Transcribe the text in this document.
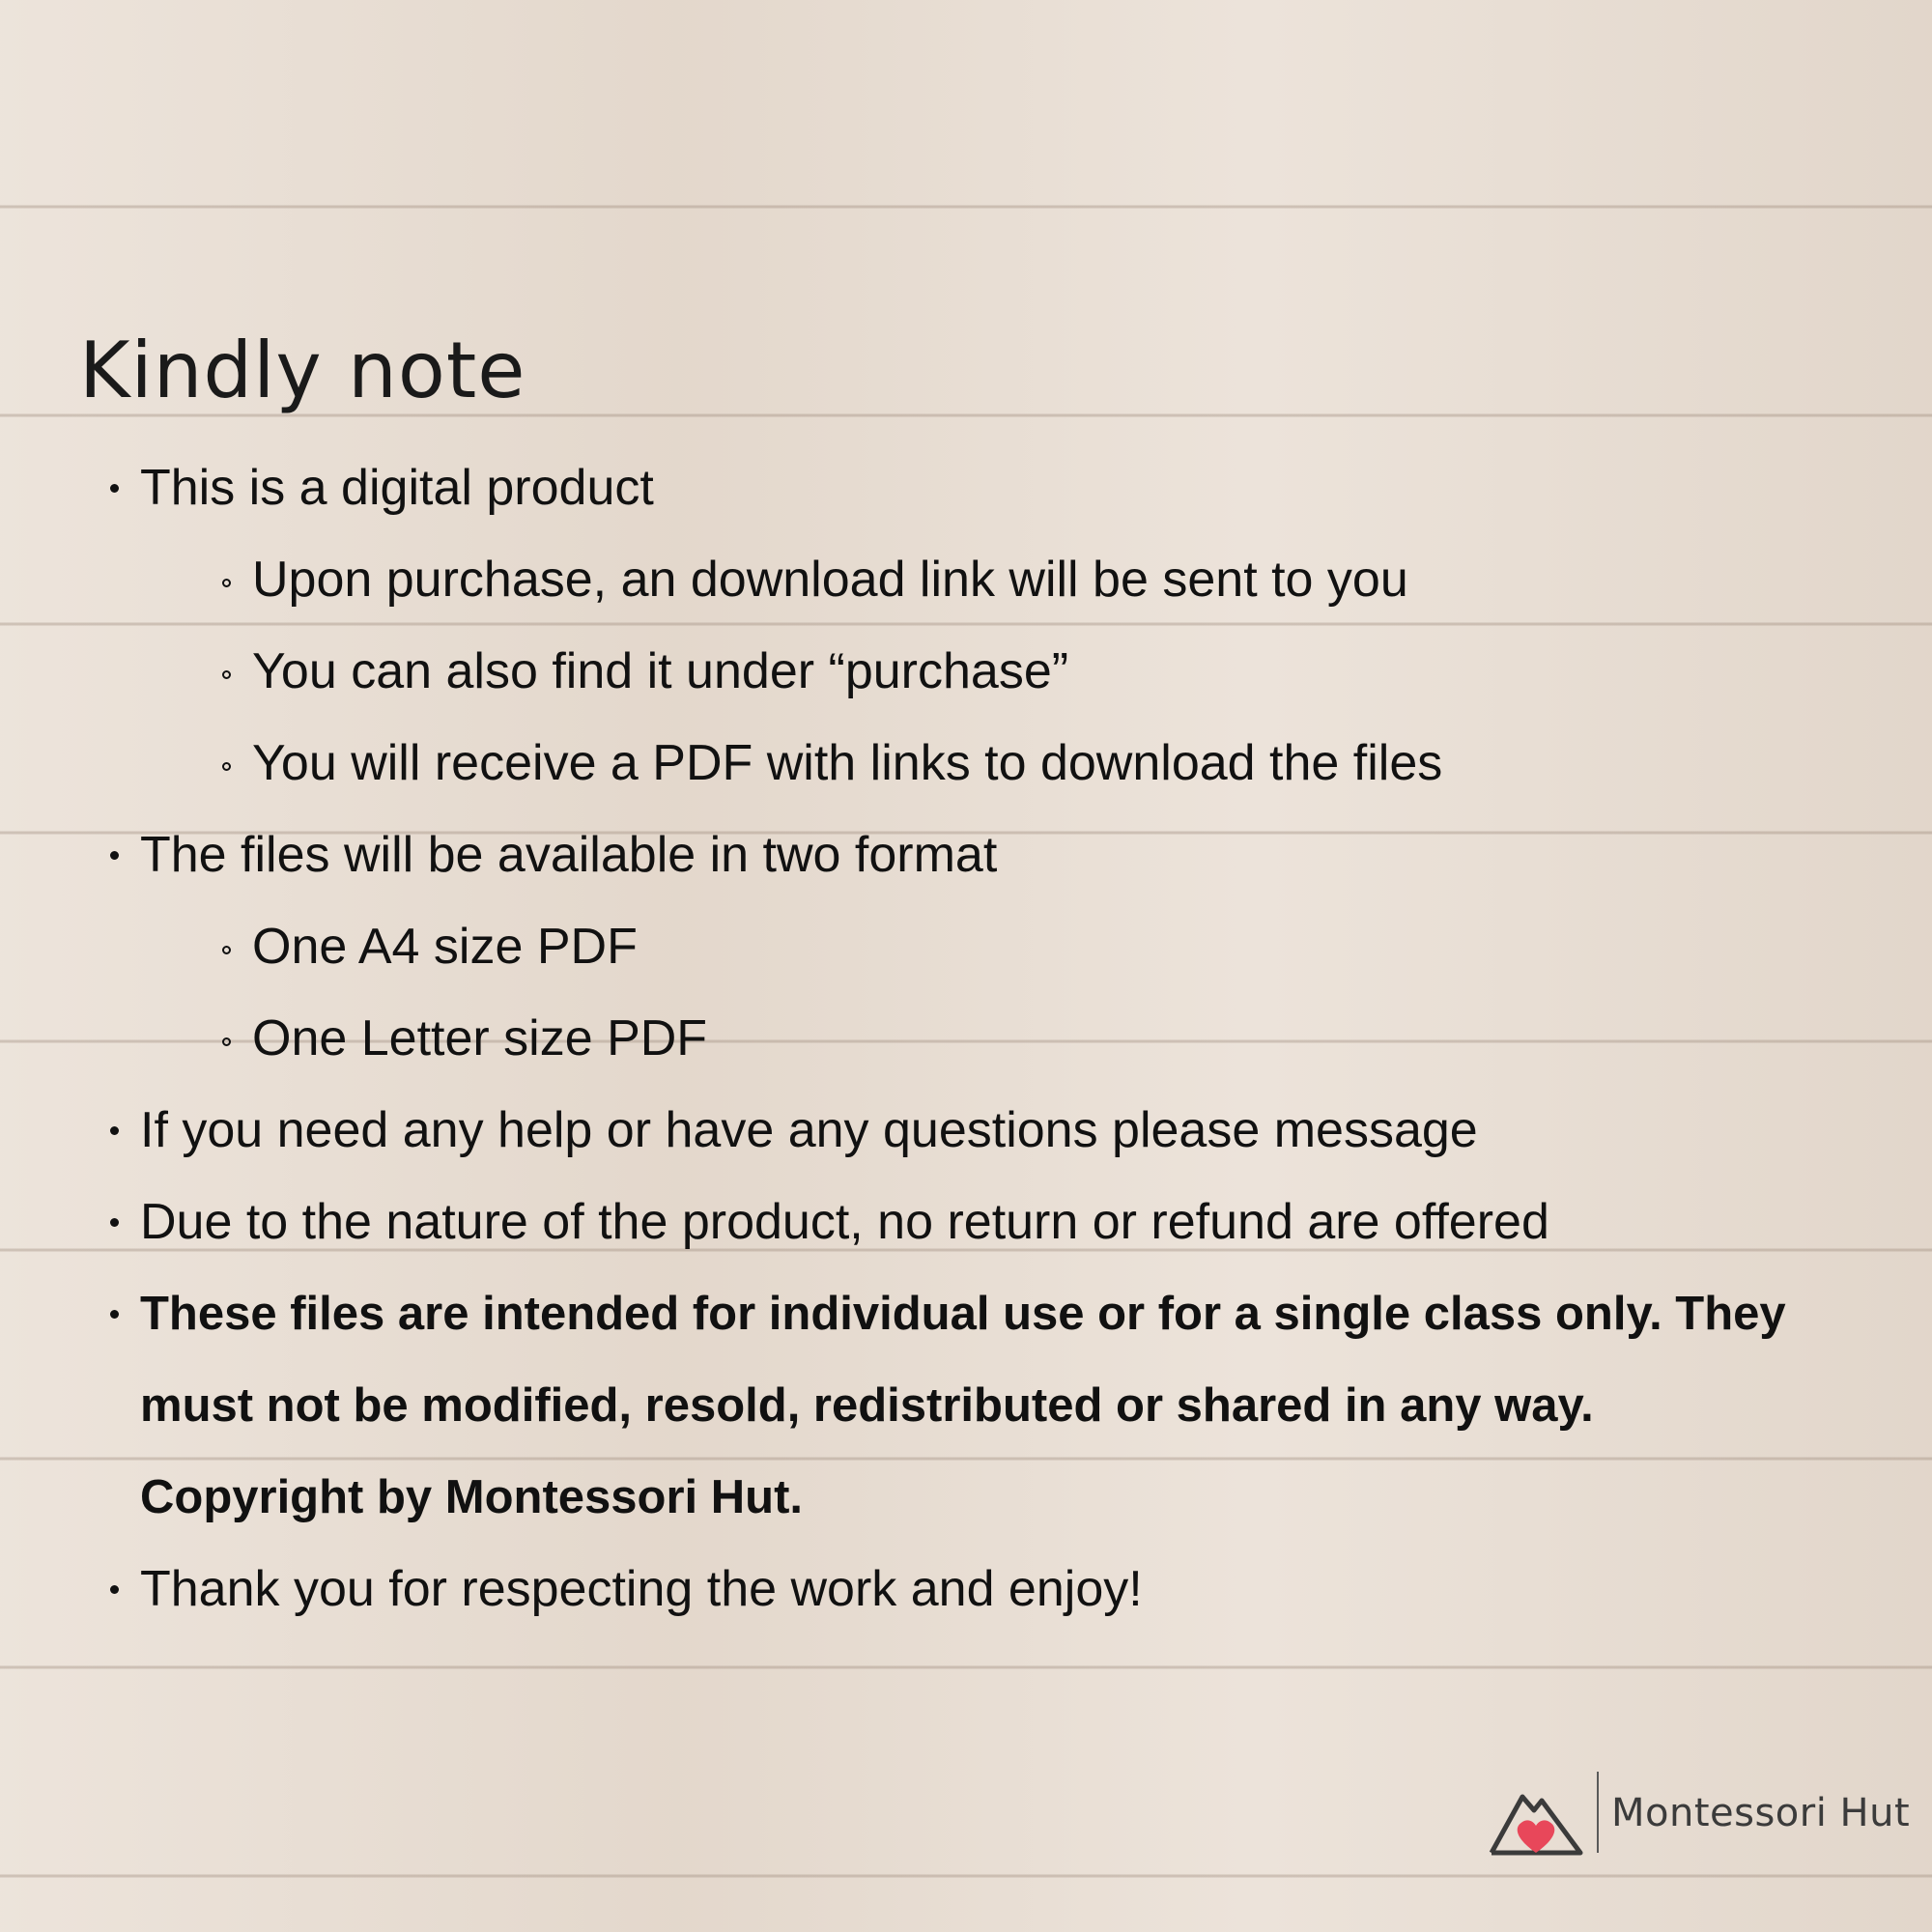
Kindly note
This is a digital product
Upon purchase, an download link will be sent to you
You can also find it under “purchase”
You will receive a PDF with links to download the files
The files will be available in two format
One A4 size PDF
One Letter size PDF
If you need any help or have any questions please message
Due to the nature of the product, no return or refund are offered
These files are intended for individual use or for a single class only. They must not be modified, resold, redistributed or shared in any way. Copyright by Montessori Hut.
Thank you for respecting the work and enjoy!
Montessori Hut
